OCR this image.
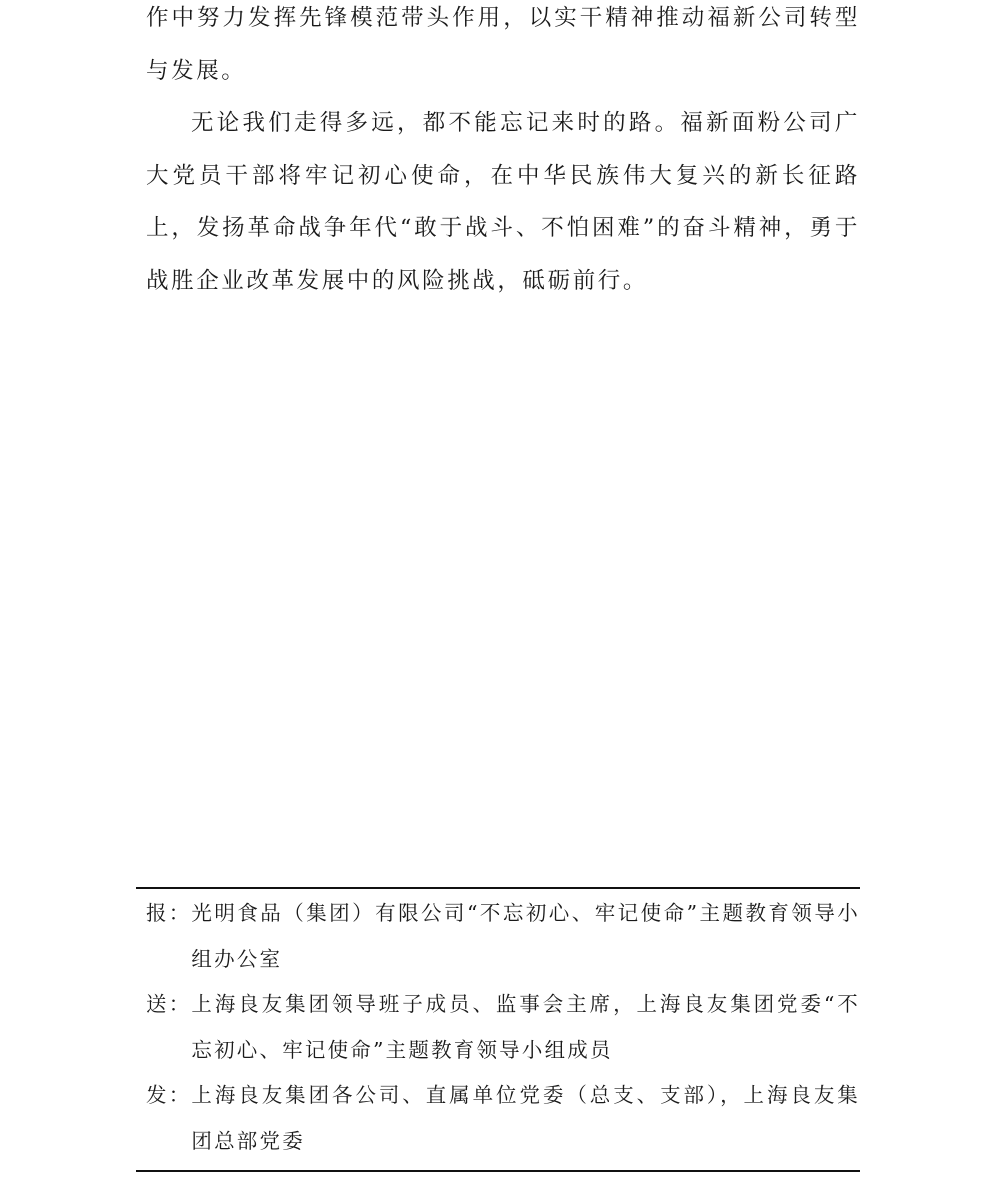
作中努力发挥先锋模范带头作用，以实干精神推动福新公司转型与发展。

无论我们走得多远，都不能忘记来时的路。福新面粉公司广大党员干部将牢记初心使命，在中华民族伟大复兴的新长征路上，发扬革命战争年代“敢于战斗、不怕困难”的奋斗精神，勇于战胜企业改革发展中的风险挑战，砥砺前行。

报： 光明食品（集团）有限公司“不忘初心、牢记使命”主题教育领导小组办公室
送： 上海良友集团领导班子成员、监事会主席，上海良友集团党委“不忘初心、牢记使命”主题教育领导小组成员
发： 上海良友集团各公司、直属单位党委（总支、支部），上海良友集团总部党委
